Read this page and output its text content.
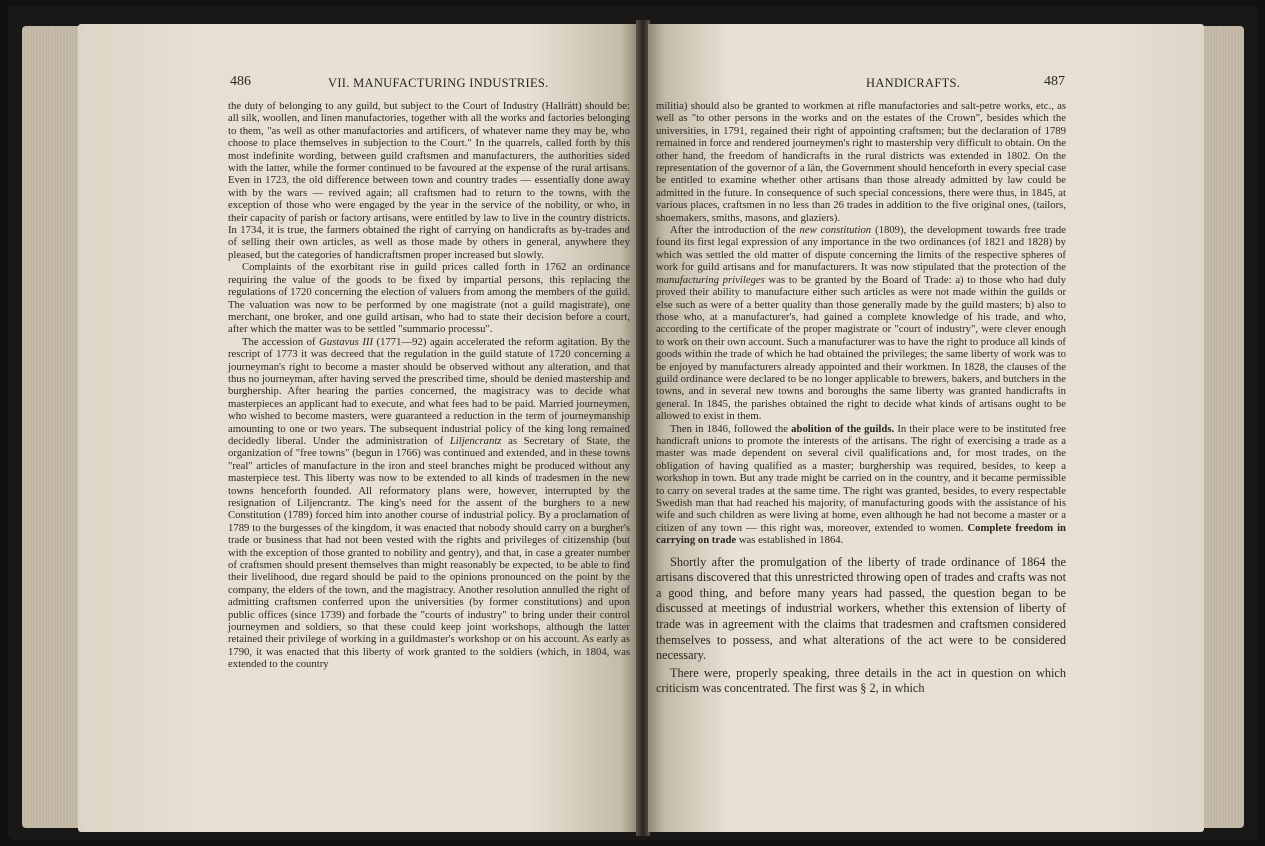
486	VII. MANUFACTURING INDUSTRIES.

the duty of belonging to any guild, but subject to the Court of Industry (Hallrätt) should be: all silk, woollen, and linen manufactories, together with all the works and factories belonging to them, "as well as other manufactories and artificers, of whatever name they may be, who choose to place themselves in subjection to the Court." In the quarrels, called forth by this most indefinite wording, between guild craftsmen and manufacturers, the authorities sided with the latter, while the former continued to be favoured at the expense of the rural artisans. Even in 1723, the old difference between town and country trades — essentially done away with by the wars — revived again; all craftsmen had to return to the towns, with the exception of those who were engaged by the year in the service of the nobility, or who, in their capacity of parish or factory artisans, were entitled by law to live in the country districts. In 1734, it is true, the farmers obtained the right of carrying on handicrafts as by-trades and of selling their own articles, as well as those made by others in general, anywhere they pleased, but the categories of handicraftsmen proper increased but slowly.

Complaints of the exorbitant rise in guild prices called forth in 1762 an ordinance requiring the value of the goods to be fixed by impartial persons, this replacing the regulations of 1720 concerning the election of valuers from among the members of the guild. The valuation was now to be performed by one magistrate (not a guild magistrate), one merchant, one broker, and one guild artisan, who had to state their decision before a court, after which the matter was to be settled "summario processu".

The accession of Gustavus III (1771—92) again accelerated the reform agitation. By the rescript of 1773 it was decreed that the regulation in the guild statute of 1720 concerning a journeyman's right to become a master should be observed without any alteration, and that thus no journeyman, after having served the prescribed time, should be denied mastership and burghership. After hearing the parties concerned, the magistracy was to decide what masterpieces an applicant had to execute, and what fees had to be paid. Married journeymen, who wished to become masters, were guaranteed a reduction in the term of journeymanship amounting to one or two years. The subsequent industrial policy of the king long remained decidedly liberal. Under the administration of Liljencrantz as Secretary of State, the organization of "free towns" (begun in 1766) was continued and extended, and in these towns "real" articles of manufacture in the iron and steel branches might be produced without any masterpiece test. This liberty was now to be extended to all kinds of tradesmen in the new towns henceforth founded. All reformatory plans were, however, interrupted by the resignation of Liljencrantz. The king's need for the assent of the burghers to a new Constitution (1789) forced him into another course of industrial policy. By a proclamation of 1789 to the burgesses of the kingdom, it was enacted that nobody should carry on a burgher's trade or business that had not been vested with the rights and privileges of citizenship (but with the exception of those granted to nobility and gentry), and that, in case a greater number of craftsmen should present themselves than might reasonably be expected, to be able to find their livelihood, due regard should be paid to the opinions pronounced on the point by the company, the elders of the town, and the magistracy. Another resolution annulled the right of admitting craftsmen conferred upon the universities (by former constitutions) and upon public offices (since 1739) and forbade the "courts of industry" to bring under their control journeymen and soldiers, so that these could keep joint workshops, although the latter retained their privilege of working in a guildmaster's workshop or on his account. As early as 1790, it was enacted that this liberty of work granted to the soldiers (which, in 1804, was extended to the country

HANDICRAFTS.	487

militia) should also be granted to workmen at rifle manufactories and salt-petre works, etc., as well as "to other persons in the works and on the estates of the Crown", besides which the universities, in 1791, regained their right of appointing craftsmen; but the declaration of 1789 remained in force and rendered journeymen's right to mastership very difficult to obtain. On the other hand, the freedom of handicrafts in the rural districts was extended in 1802. On the representation of the governor of a län, the Government should henceforth in every special case be entitled to examine whether other artisans than those already admitted by law could be admitted in the future. In consequence of such special concessions, there were thus, in 1845, at various places, craftsmen in no less than 26 trades in addition to the five original ones, (tailors, shoemakers, smiths, masons, and glaziers).

After the introduction of the new constitution (1809), the development towards free trade found its first legal expression of any importance in the two ordinances (of 1821 and 1828) by which was settled the old matter of dispute concerning the limits of the respective spheres of work for guild artisans and for manufacturers. It was now stipulated that the protection of the manufacturing privileges was to be granted by the Board of Trade: a) to those who had duly proved their ability to manufacture either such articles as were not made within the guilds or else such as were of a better quality than those generally made by the guild masters; b) also to those who, at a manufacturer's, had gained a complete knowledge of his trade, and who, according to the certificate of the proper magistrate or "court of industry", were clever enough to work on their own account. Such a manufacturer was to have the right to produce all kinds of goods within the trade of which he had obtained the privileges; the same liberty of work was to be enjoyed by manufacturers already appointed and their workmen. In 1828, the clauses of the guild ordinance were declared to be no longer applicable to brewers, bakers, and butchers in the towns, and in several new towns and boroughs the same liberty was granted handicrafts in general. In 1845, the parishes obtained the right to decide what kinds of artisans ought to be allowed to exist in them.

Then in 1846, followed the abolition of the guilds. In their place were to be instituted free handicraft unions to promote the interests of the artisans. The right of exercising a trade as a master was made dependent on several civil qualifications and, for most trades, on the obligation of having qualified as a master; burghership was required, besides, to keep a workshop in town. But any trade might be carried on in the country, and it became permissible to carry on several trades at the same time. The right was granted, besides, to every respectable Swedish man that had reached his majority, of manufacturing goods with the assistance of his wife and such children as were living at home, even although he had not become a master or a citizen of any town — this right was, moreover, extended to women. Complete freedom in carrying on trade was established in 1864.

Shortly after the promulgation of the liberty of trade ordinance of 1864 the artisans discovered that this unrestricted throwing open of trades and crafts was not a good thing, and before many years had passed, the question began to be discussed at meetings of industrial workers, whether this extension of liberty of trade was in agreement with the claims that tradesmen and craftsmen considered themselves to possess, and what alterations of the act were to be considered necessary.

There were, properly speaking, three details in the act in question on which criticism was concentrated. The first was § 2, in which
